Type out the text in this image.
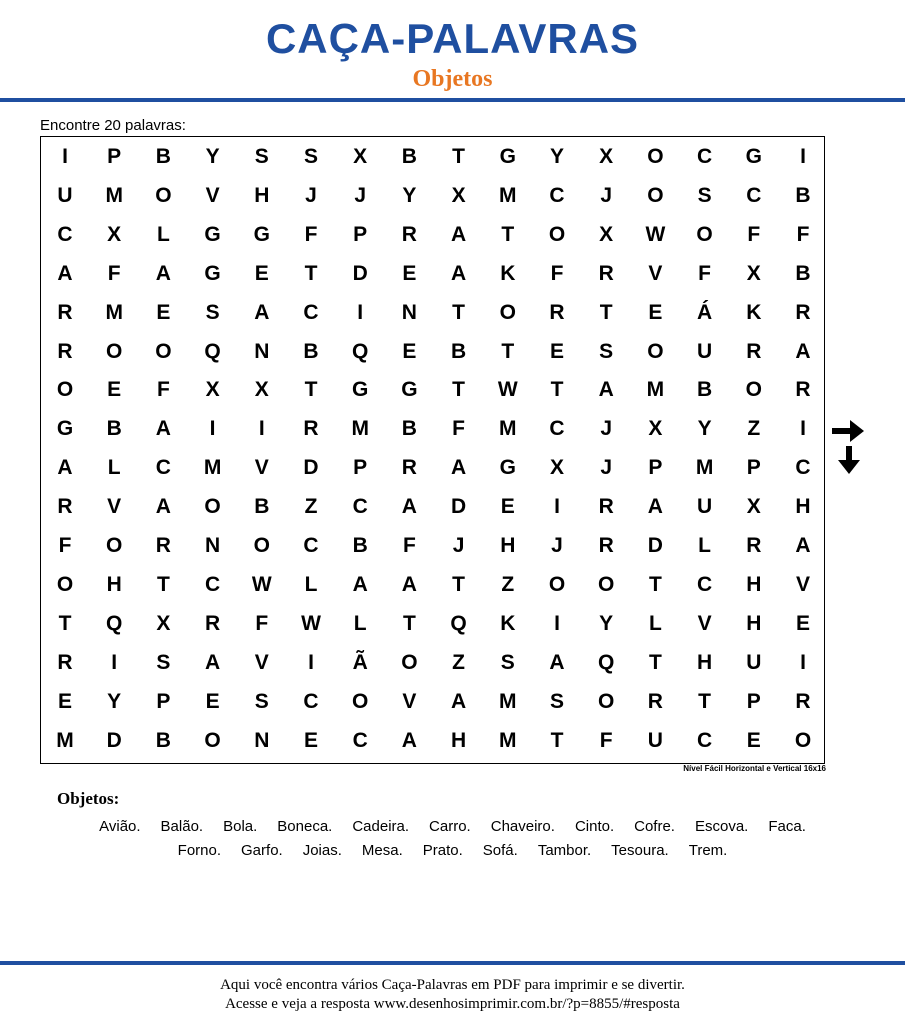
CAÇA-PALAVRAS
Objetos
Encontre 20 palavras:
I	P	B	Y	S	S	X	B	T	G	Y	X	O	C	G	I
U	M	O	V	H	J	J	Y	X	M	C	J	O	S	C	B
C	X	L	G	G	F	P	R	A	T	O	X	W	O	F	F
A	F	A	G	E	T	D	E	A	K	F	R	V	F	X	B
R	M	E	S	A	C	I	N	T	O	R	T	E	Á	K	R
R	O	O	Q	N	B	Q	E	B	T	E	S	O	U	R	A
O	E	F	X	X	T	G	G	T	W	T	A	M	B	O	R
G	B	A	I	I	R	M	B	F	M	C	J	X	Y	Z	I
A	L	C	M	V	D	P	R	A	G	X	J	P	M	P	C
R	V	A	O	B	Z	C	A	D	E	I	R	A	U	X	H
F	O	R	N	O	C	B	F	J	H	J	R	D	L	R	A
O	H	T	C	W	L	A	A	T	Z	O	O	T	C	H	V
T	Q	X	R	F	W	L	T	Q	K	I	Y	L	V	H	E
R	I	S	A	V	I	Ã	O	Z	S	A	Q	T	H	U	I
E	Y	P	E	S	C	O	V	A	M	S	O	R	T	P	R
M	D	B	O	N	E	C	A	H	M	T	F	U	C	E	O
Nível Fácil Horizontal e Vertical 16x16
Objetos:
Avião. Balão. Bola. Boneca. Cadeira. Carro. Chaveiro. Cinto. Cofre. Escova. Faca.
Forno. Garfo. Joias. Mesa. Prato. Sofá. Tambor. Tesoura. Trem.
Aqui você encontra vários Caça-Palavras em PDF para imprimir e se divertir.
Acesse e veja a resposta www.desenhosimprimir.com.br/?p=8855/#resposta
